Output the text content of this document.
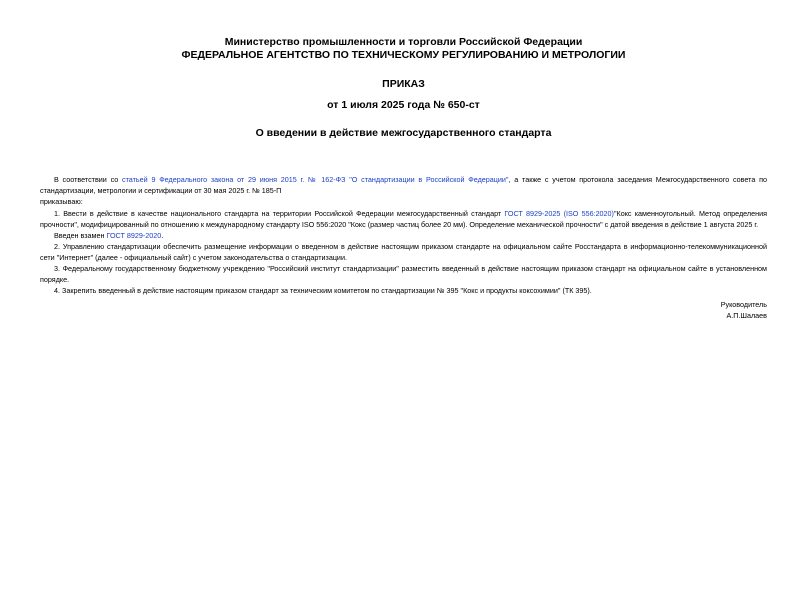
Министерство промышленности и торговли Российской Федерации
ФЕДЕРАЛЬНОЕ АГЕНТСТВО ПО ТЕХНИЧЕСКОМУ РЕГУЛИРОВАНИЮ И МЕТРОЛОГИИ
ПРИКАЗ
от 1 июля 2025 года № 650-ст
О введении в действие межгосударственного стандарта

В соответствии со статьей 9 Федерального закона от 29 июня 2015 г. № 162-ФЗ "О стандартизации в Российской Федерации", а также с учетом протокола заседания Межгосударственного совета по стандартизации, метрологии и сертификации от 30 мая 2025 г. № 185-П

приказываю:

1. Ввести в действие в качестве национального стандарта на территории Российской Федерации межгосударственный стандарт ГОСТ 8929-2025 (ISO 556:2020)"Кокс каменноугольный. Метод определения прочности", модифицированный по отношению к международному стандарту ISO 556:2020 "Кокс (размер частиц более 20 мм). Определение механической прочности" с датой введения в действие 1 августа 2025 г.

Введен взамен ГОСТ 8929-2020.

2. Управлению стандартизации обеспечить размещение информации о введенном в действие настоящим приказом стандарте на официальном сайте Росстандарта в информационно-телекоммуникационной сети "Интернет" (далее - официальный сайт) с учетом законодательства о стандартизации.

3. Федеральному государственному бюджетному учреждению "Российский институт стандартизации" разместить введенный в действие настоящим приказом стандарт на официальном сайте в установленном порядке.

4. Закрепить введенный в действие настоящим приказом стандарт за техническим комитетом по стандартизации № 395 "Кокс и продукты коксохимии" (ТК 395).

Руководитель
А.П.Шалаев
